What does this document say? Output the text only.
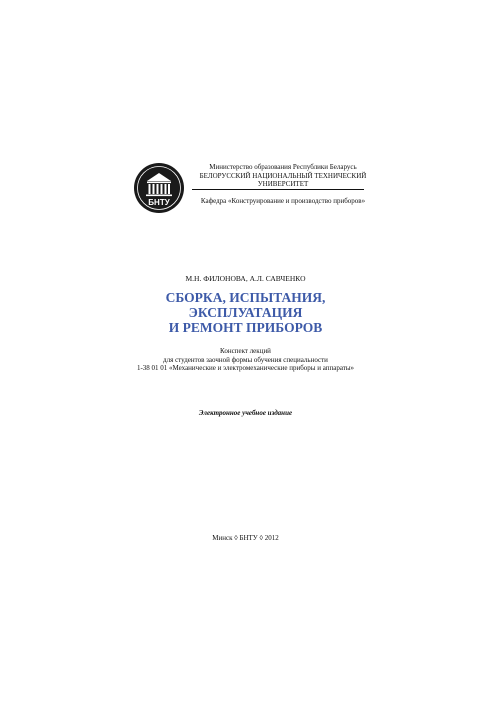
БНТУ
Министерство образования Республики Беларусь
БЕЛОРУССКИЙ НАЦИОНАЛЬНЫЙ ТЕХНИЧЕСКИЙ
УНИВЕРСИТЕТ
Кафедра «Конструирование и производство приборов»
М.Н. ФИЛОНОВА, А.Л. САВЧЕНКО
СБОРКА, ИСПЫТАНИЯ,
ЭКСПЛУАТАЦИЯ
И РЕМОНТ ПРИБОРОВ
Конспект лекций
для студентов заочной формы обучения специальности
1-38 01 01 «Механические и электромеханические приборы и аппараты»
Электронное учебное издание
Минск ◊ БНТУ ◊ 2012
